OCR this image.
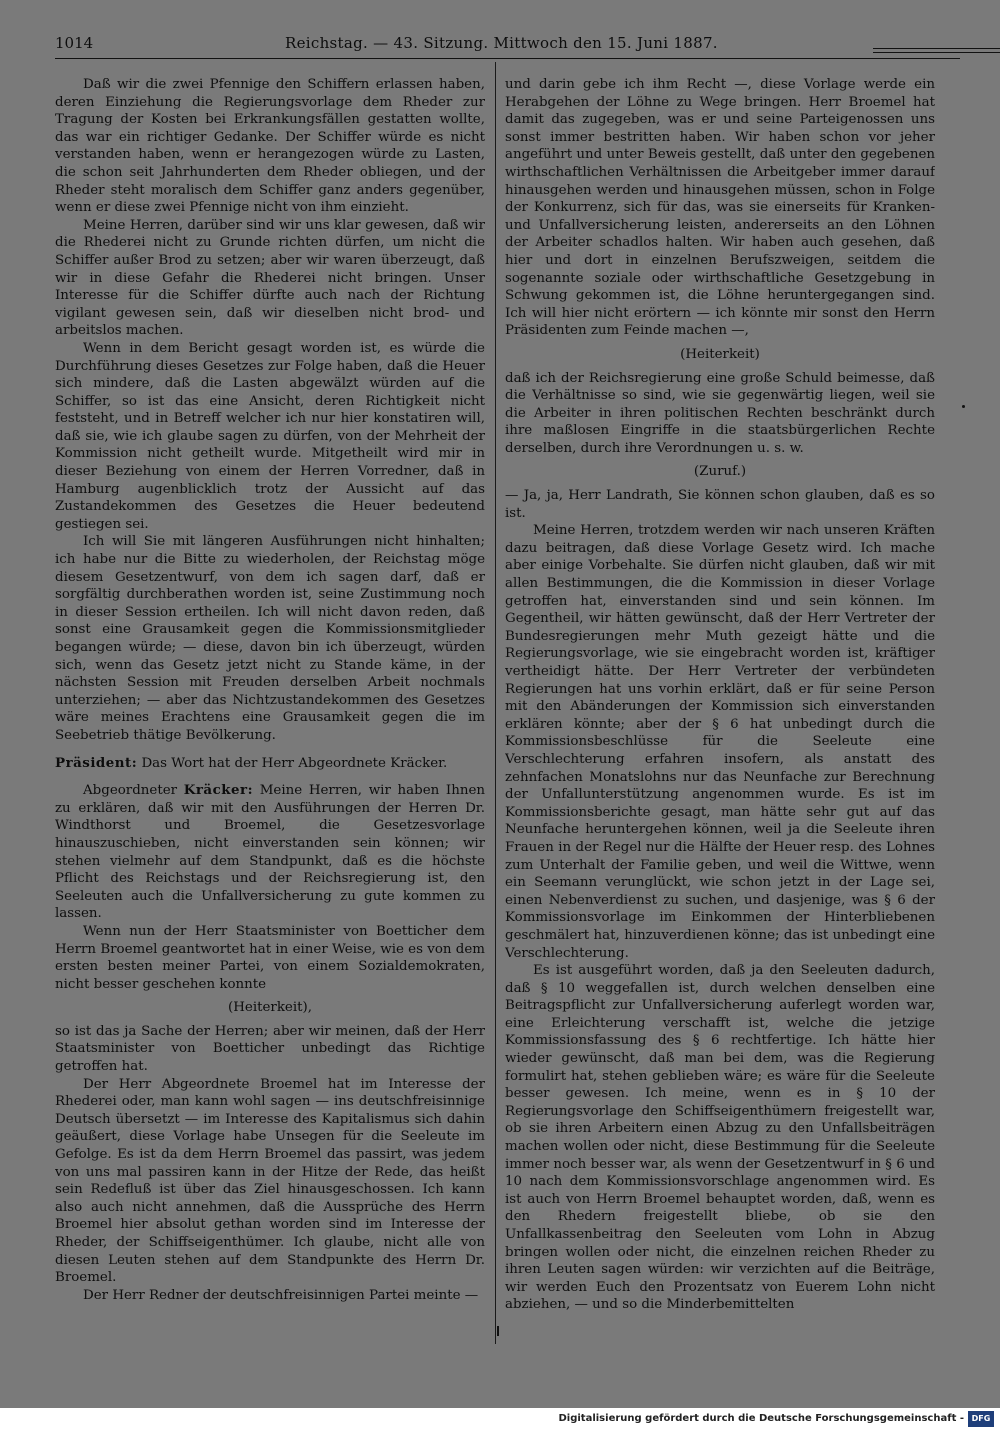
1014	Reichstag. — 43. Sitzung. Mittwoch den 15. Juni 1887.

Daß wir die zwei Pfennige den Schiffern erlassen haben, deren Einziehung die Regierungsvorlage dem Rheder zur Tragung der Kosten bei Erkrankungsfällen gestatten wollte, das war ein richtiger Gedanke. Der Schiffer würde es nicht verstanden haben, wenn er herangezogen würde zu Lasten, die schon seit Jahrhunderten dem Rheder obliegen, und der Rheder steht moralisch dem Schiffer ganz anders gegenüber, wenn er diese zwei Pfennige nicht von ihm einzieht.

Meine Herren, darüber sind wir uns klar gewesen, daß wir die Rhederei nicht zu Grunde richten dürfen, um nicht die Schiffer außer Brod zu setzen; aber wir waren überzeugt, daß wir in diese Gefahr die Rhederei nicht bringen. Unser Interesse für die Schiffer dürfte auch nach der Richtung vigilant gewesen sein, daß wir dieselben nicht brod- und arbeitslos machen.

Wenn in dem Bericht gesagt worden ist, es würde die Durchführung dieses Gesetzes zur Folge haben, daß die Heuer sich mindere, daß die Lasten abgewälzt würden auf die Schiffer, so ist das eine Ansicht, deren Richtigkeit nicht feststeht, und in Betreff welcher ich nur hier konstatiren will, daß sie, wie ich glaube sagen zu dürfen, von der Mehrheit der Kommission nicht getheilt wurde. Mitgetheilt wird mir in dieser Beziehung von einem der Herren Vorredner, daß in Hamburg augenblicklich trotz der Aussicht auf das Zustandekommen des Gesetzes die Heuer bedeutend gestiegen sei.

Ich will Sie mit längeren Ausführungen nicht hinhalten; ich habe nur die Bitte zu wiederholen, der Reichstag möge diesem Gesetzentwurf, von dem ich sagen darf, daß er sorgfältig durchberathen worden ist, seine Zustimmung noch in dieser Session ertheilen. Ich will nicht davon reden, daß sonst eine Grausamkeit gegen die Kommissionsmitglieder begangen würde; — diese, davon bin ich überzeugt, würden sich, wenn das Gesetz jetzt nicht zu Stande käme, in der nächsten Session mit Freuden derselben Arbeit nochmals unterziehen; — aber das Nichtzustandekommen des Gesetzes wäre meines Erachtens eine Grausamkeit gegen die im Seebetrieb thätige Bevölkerung.

Präsident: Das Wort hat der Herr Abgeordnete Kräcker.

Abgeordneter Kräcker: Meine Herren, wir haben Ihnen zu erklären, daß wir mit den Ausführungen der Herren Dr. Windthorst und Broemel, die Gesetzesvorlage hinauszuschieben, nicht einverstanden sein können; wir stehen vielmehr auf dem Standpunkt, daß es die höchste Pflicht des Reichstags und der Reichsregierung ist, den Seeleuten auch die Unfallversicherung zu gute kommen zu lassen.

Wenn nun der Herr Staatsminister von Boetticher dem Herrn Broemel geantwortet hat in einer Weise, wie es von dem ersten besten meiner Partei, von einem Sozialdemokraten, nicht besser geschehen konnte

(Heiterkeit),

so ist das ja Sache der Herren; aber wir meinen, daß der Herr Staatsminister von Boetticher unbedingt das Richtige getroffen hat.

Der Herr Abgeordnete Broemel hat im Interesse der Rhederei oder, man kann wohl sagen — ins deutschfreisinnige Deutsch übersetzt — im Interesse des Kapitalismus sich dahin geäußert, diese Vorlage habe Unsegen für die Seeleute im Gefolge. Es ist da dem Herrn Broemel das passirt, was jedem von uns mal passiren kann in der Hitze der Rede, das heißt sein Redefluß ist über das Ziel hinausgeschossen. Ich kann also auch nicht annehmen, daß die Aussprüche des Herrn Broemel hier absolut gethan worden sind im Interesse der Rheder, der Schiffseigenthümer. Ich glaube, nicht alle von diesen Leuten stehen auf dem Standpunkte des Herrn Dr. Broemel.

Der Herr Redner der deutschfreisinnigen Partei meinte —

und darin gebe ich ihm Recht —, diese Vorlage werde ein Herabgehen der Löhne zu Wege bringen. Herr Broemel hat damit das zugegeben, was er und seine Parteigenossen uns sonst immer bestritten haben. Wir haben schon vor jeher angeführt und unter Beweis gestellt, daß unter den gegebenen wirthschaftlichen Verhältnissen die Arbeitgeber immer darauf hinausgehen werden und hinausgehen müssen, schon in Folge der Konkurrenz, sich für das, was sie einerseits für Kranken- und Unfallversicherung leisten, andererseits an den Löhnen der Arbeiter schadlos halten. Wir haben auch gesehen, daß hier und dort in einzelnen Berufszweigen, seitdem die sogenannte soziale oder wirthschaftliche Gesetzgebung in Schwung gekommen ist, die Löhne heruntergegangen sind. Ich will hier nicht erörtern — ich könnte mir sonst den Herrn Präsidenten zum Feinde machen —,

(Heiterkeit)

daß ich der Reichsregierung eine große Schuld beimesse, daß die Verhältnisse so sind, wie sie gegenwärtig liegen, weil sie die Arbeiter in ihren politischen Rechten beschränkt durch ihre maßlosen Eingriffe in die staatsbürgerlichen Rechte derselben, durch ihre Verordnungen u. s. w.

(Zuruf.)

— Ja, ja, Herr Landrath, Sie können schon glauben, daß es so ist.

Meine Herren, trotzdem werden wir nach unseren Kräften dazu beitragen, daß diese Vorlage Gesetz wird. Ich mache aber einige Vorbehalte. Sie dürfen nicht glauben, daß wir mit allen Bestimmungen, die die Kommission in dieser Vorlage getroffen hat, einverstanden sind und sein können. Im Gegentheil, wir hätten gewünscht, daß der Herr Vertreter der Bundesregierungen mehr Muth gezeigt hätte und die Regierungsvorlage, wie sie eingebracht worden ist, kräftiger vertheidigt hätte. Der Herr Vertreter der verbündeten Regierungen hat uns vorhin erklärt, daß er für seine Person mit den Abänderungen der Kommission sich einverstanden erklären könnte; aber der § 6 hat unbedingt durch die Kommissionsbeschlüsse für die Seeleute eine Verschlechterung erfahren insofern, als anstatt des zehnfachen Monatslohns nur das Neunfache zur Berechnung der Unfallunterstützung angenommen wurde. Es ist im Kommissionsberichte gesagt, man hätte sehr gut auf das Neunfache heruntergehen können, weil ja die Seeleute ihren Frauen in der Regel nur die Hälfte der Heuer resp. des Lohnes zum Unterhalt der Familie geben, und weil die Wittwe, wenn ein Seemann verunglückt, wie schon jetzt in der Lage sei, einen Nebenverdienst zu suchen, und dasjenige, was § 6 der Kommissionsvorlage im Einkommen der Hinterbliebenen geschmälert hat, hinzuverdienen könne; das ist unbedingt eine Verschlechterung.

Es ist ausgeführt worden, daß ja den Seeleuten dadurch, daß § 10 weggefallen ist, durch welchen denselben eine Beitragspflicht zur Unfallversicherung auferlegt worden war, eine Erleichterung verschafft ist, welche die jetzige Kommissionsfassung des § 6 rechtfertige. Ich hätte hier wieder gewünscht, daß man bei dem, was die Regierung formulirt hat, stehen geblieben wäre; es wäre für die Seeleute besser gewesen. Ich meine, wenn es in § 10 der Regierungsvorlage den Schiffseigenthümern freigestellt war, ob sie ihren Arbeitern einen Abzug zu den Unfallsbeiträgen machen wollen oder nicht, diese Bestimmung für die Seeleute immer noch besser war, als wenn der Gesetzentwurf in § 6 und 10 nach dem Kommissionsvorschlage angenommen wird. Es ist auch von Herrn Broemel behauptet worden, daß, wenn es den Rhedern freigestellt bliebe, ob sie den Unfallkassenbeitrag den Seeleuten vom Lohn in Abzug bringen wollen oder nicht, die einzelnen reichen Rheder zu ihren Leuten sagen würden: wir verzichten auf die Beiträge, wir werden Euch den Prozentsatz von Euerem Lohn nicht abziehen, — und so die Minderbemittelten

Digitalisierung gefördert durch die Deutsche Forschungsgemeinschaft - DFG
